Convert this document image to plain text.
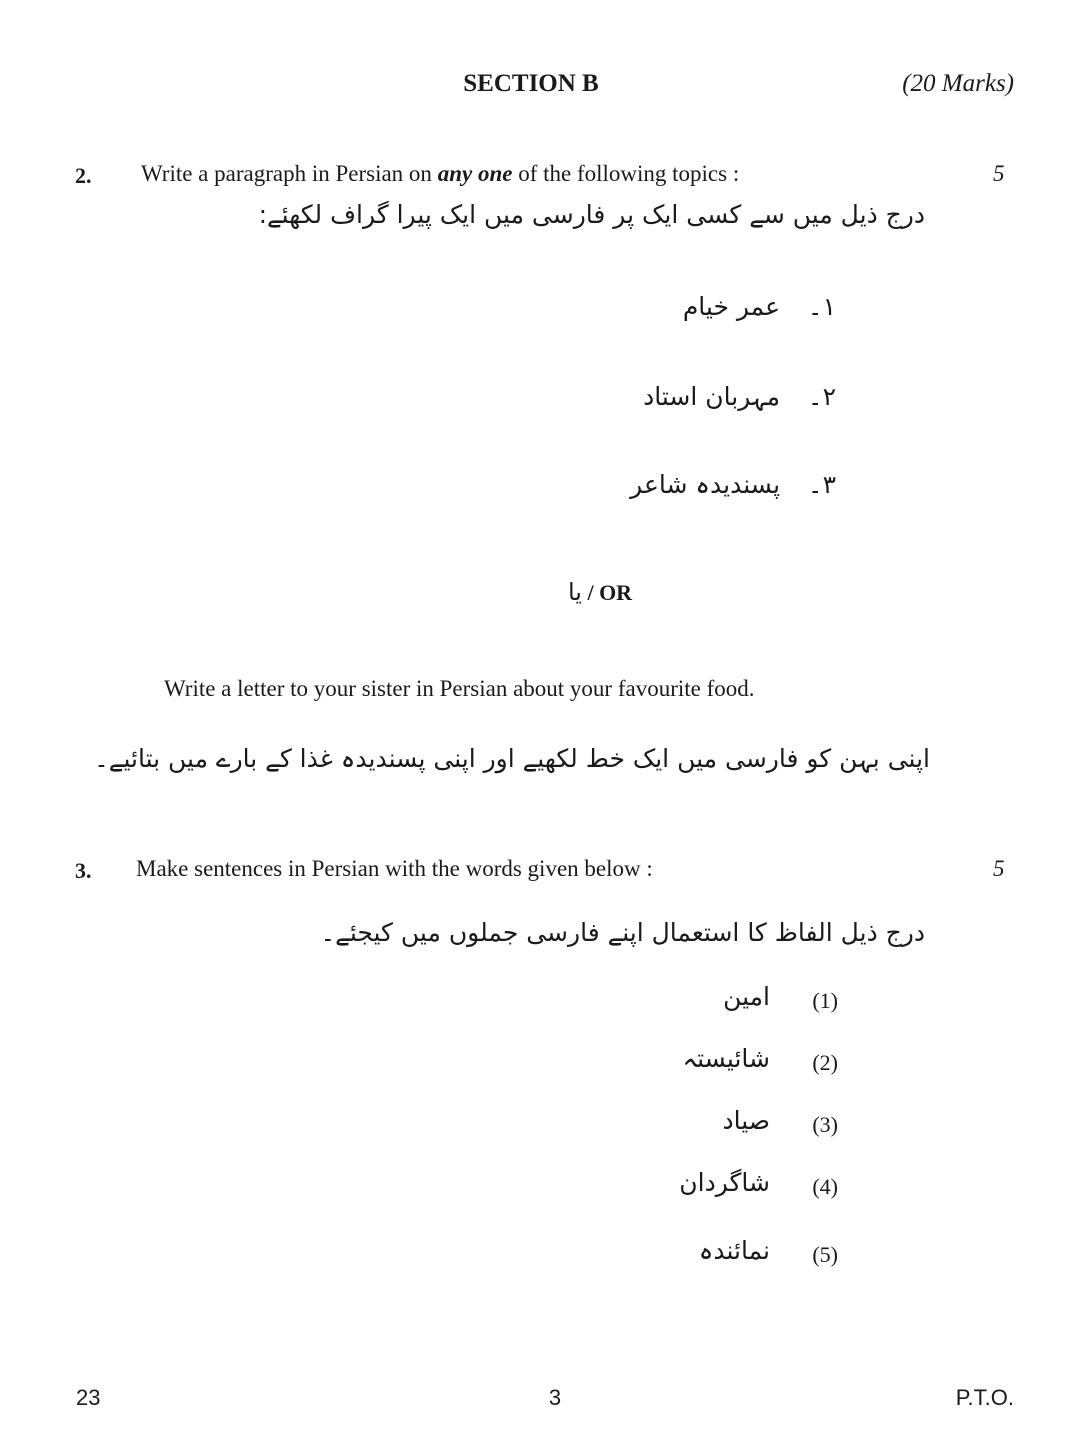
SECTION B	(20 Marks)
2. Write a paragraph in Persian on any one of the following topics :	5
درج ذیل میں سے کسی ایک پر فارسی میں ایک پیرا گراف لکھئے:
۱۔ عمر خیام
۲۔ مہربان استاد
۳۔ پسندیدہ شاعر
یا / OR
Write a letter to your sister in Persian about your favourite food.
اپنی بہن کو فارسی میں ایک خط لکھیے اور اپنی پسندیدہ غذا کے بارے میں بتائیے۔
3. Make sentences in Persian with the words given below :	5
درج ذیل الفاظ کا استعمال اپنے فارسی جملوں میں کیجئے۔
(1)
امین
(2)
شائیستہ
(3)
صیاد
(4)
شاگردان
(5)
نمائندہ
23	3	P.T.O.
